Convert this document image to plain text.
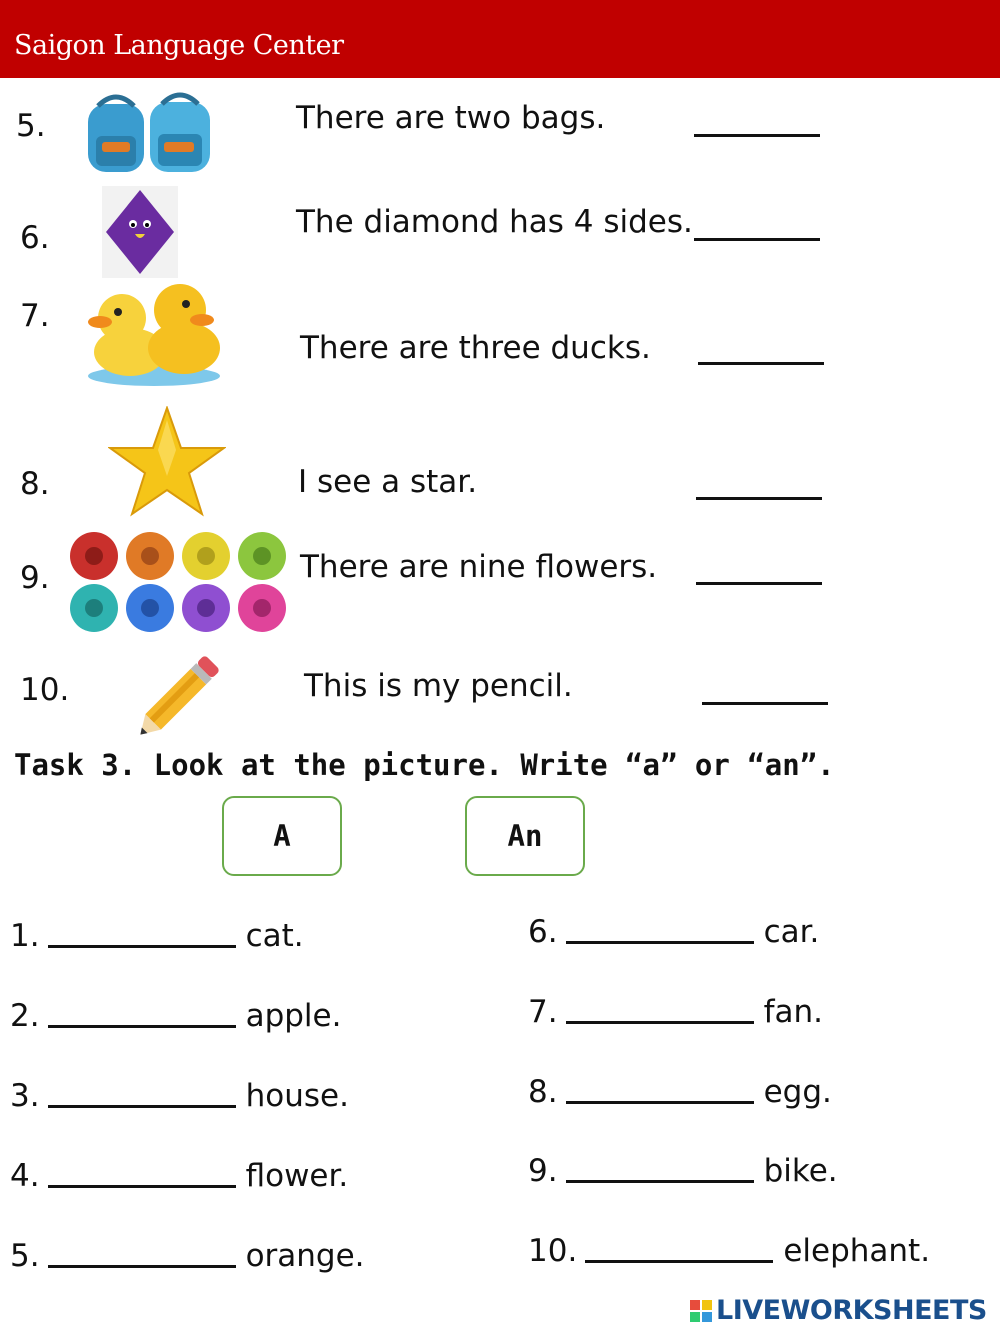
Saigon Language Center
5.	There are two bags.
6.	The diamond has 4 sides.
7.
There are three ducks.
8.	I see a star.
9.	There are nine flowers.
10.	This is my pencil.
Task 3. Look at the picture. Write “a” or “an”.
A	An
1.	cat.
2.	apple.
3.	house.
4.	flower.
5.	orange.
6.	car.
7.	fan.
8.	egg.
9.	bike.
10.	elephant.
LIVEWORKSHEETS
